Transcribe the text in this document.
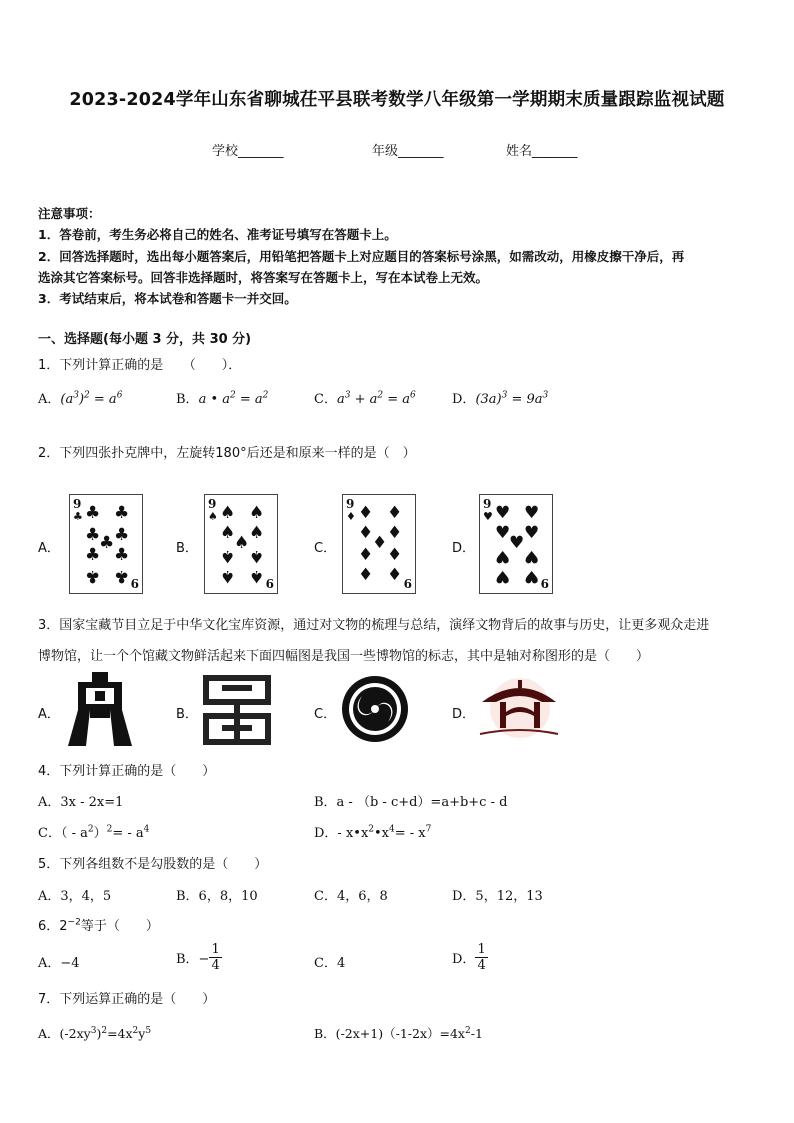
2023-2024学年山东省聊城茌平县联考数学八年级第一学期期末质量跟踪监视试题
学校_______	年级_______	姓名_______
注意事项：
1．答卷前，考生务必将自己的姓名、准考证号填写在答题卡上。
2．回答选择题时，选出每小题答案后，用铅笔把答题卡上对应题目的答案标号涂黑，如需改动，用橡皮擦干净后，再
选涂其它答案标号。回答非选择题时，将答案写在答题卡上，写在本试卷上无效。
3．考试结束后，将本试卷和答题卡一并交回。
一、选择题(每小题 3 分，共 30 分)
1．下列计算正确的是　　（　　）．
A．$(a^3)^2 = a^6$	B．a • $a^2 = a^2$	C．$a^3 + a^2 = a^6$	D．$(3a)^3 = 9a^3$
2．下列四张扑克牌中，左旋转180°后还是和原来一样的是（　）
A．
9
♣
6
♣ ♣
♣ ♣
♣
♣ ♣
♣ ♣
B．
9
♠
6
♠ ♠
♠ ♠
♠
♠ ♠
♠ ♠
C．
9
♦
6
♦ ♦
♦ ♦
♦
♦ ♦
♦ ♦
D．
9
♥
6
♥ ♥
♥ ♥
♥
♥ ♥
♥ ♥
3．国家宝藏节目立足于中华文化宝库资源，通过对文物的梳理与总结，演绎文物背后的故事与历史，让更多观众走进
博物馆，让一个个馆藏文物鲜活起来下面四幅图是我国一些博物馆的标志，其中是轴对称图形的是（　　）
A．	B．	C．	D．
4．下列计算正确的是（　　）
A．3x - 2x=1	B．a - （b - c+d）=a+b+c - d
C．（ - $a^2)^2= - a^4$	D．- $x•x^2•x^4= - x^7$
5．下列各组数不是勾股数的是（　　）
A．3，4，5	B．6，8，10	C．4，6，8	D．5，12，13
6．$2^{-2}$等于（　　）
A．−4	B．− $\frac{1}{4}$	C．4	D． $\frac{1}{4}$
7．下列运算正确的是（　　）
A．$(-2xy^3)^2=4x^2y^5$	B．$(-2x+1)(-1-2x)=4x^2-1$
